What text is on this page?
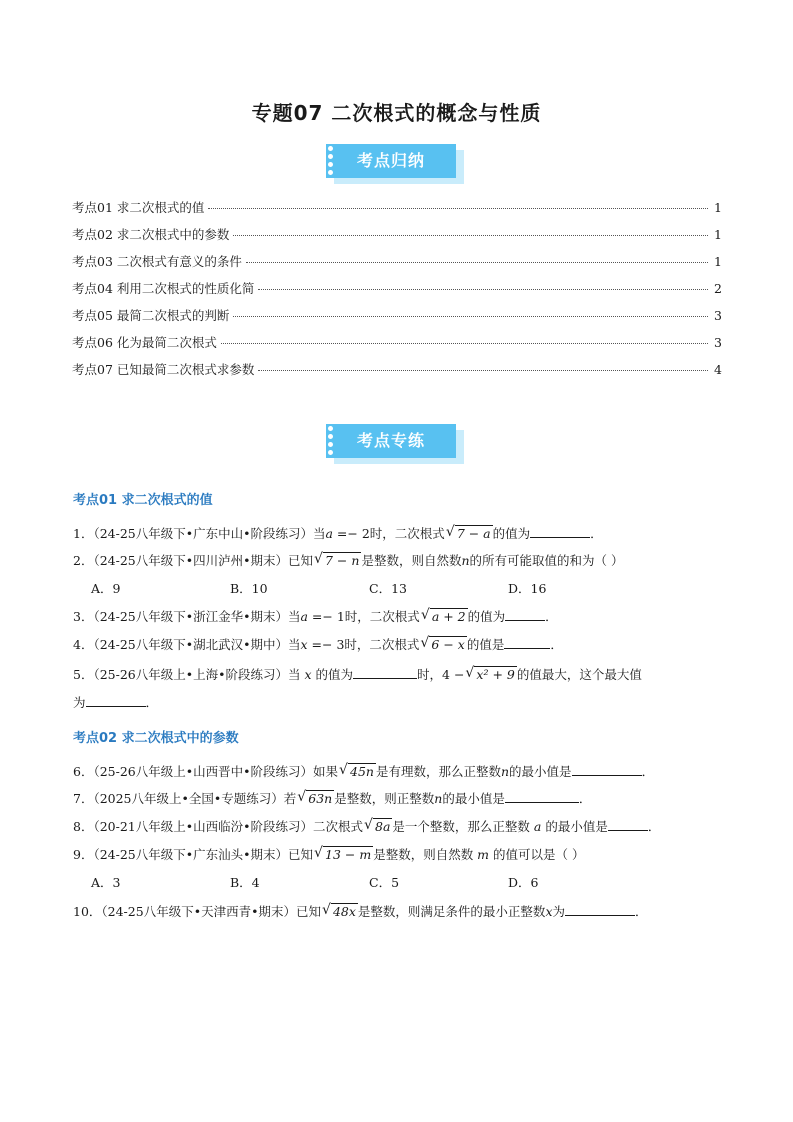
专题07 二次根式的概念与性质
考点归纳
考点01 求二次根式的值	1
考点02 求二次根式中的参数	1
考点03 二次根式有意义的条件	1
考点04 利用二次根式的性质化简	2
考点05 最简二次根式的判断	3
考点06 化为最简二次根式	3
考点07 已知最简二次根式求参数	4
考点专练
考点01 求二次根式的值
1．（24-25八年级下•广东中山•阶段练习）当a =− 2时，二次根式 √ 7 − a 的值为	．
2．（24-25八年级下•四川泸州•期末）已知 √ 7 − n 是整数，则自然数n的所有可能取值的和为（ ）
A．9	B．10	C．13	D．16
3．（24-25八年级下•浙江金华•期末）当a =− 1时，二次根式 √ a + 2 的值为	．
4．（24-25八年级下•湖北武汉•期中）当x =− 3时，二次根式 √ 6 − x 的值是	．
5．（25-26八年级上•上海•阶段练习）当 x 的值为	时，4 − √ x² + 9 的值最大，这个最大值
为	．
考点02 求二次根式中的参数
6．（25-26八年级上•山西晋中•阶段练习）如果 √ 45n 是有理数，那么正整数n的最小值是	．
7．（2025八年级上•全国•专题练习）若 √ 63n 是整数，则正整数n的最小值是	．
8．（20-21八年级上•山西临汾•阶段练习）二次根式 √ 8a 是一个整数，那么正整数 a 的最小值是	．
9．（24-25八年级下•广东汕头•期末）已知 √ 13 − m 是整数，则自然数 m 的值可以是（ ）
A．3	B．4	C．5	D．6
10．（24-25八年级下•天津西青•期末）已知 √ 48x 是整数，则满足条件的最小正整数x为	．
